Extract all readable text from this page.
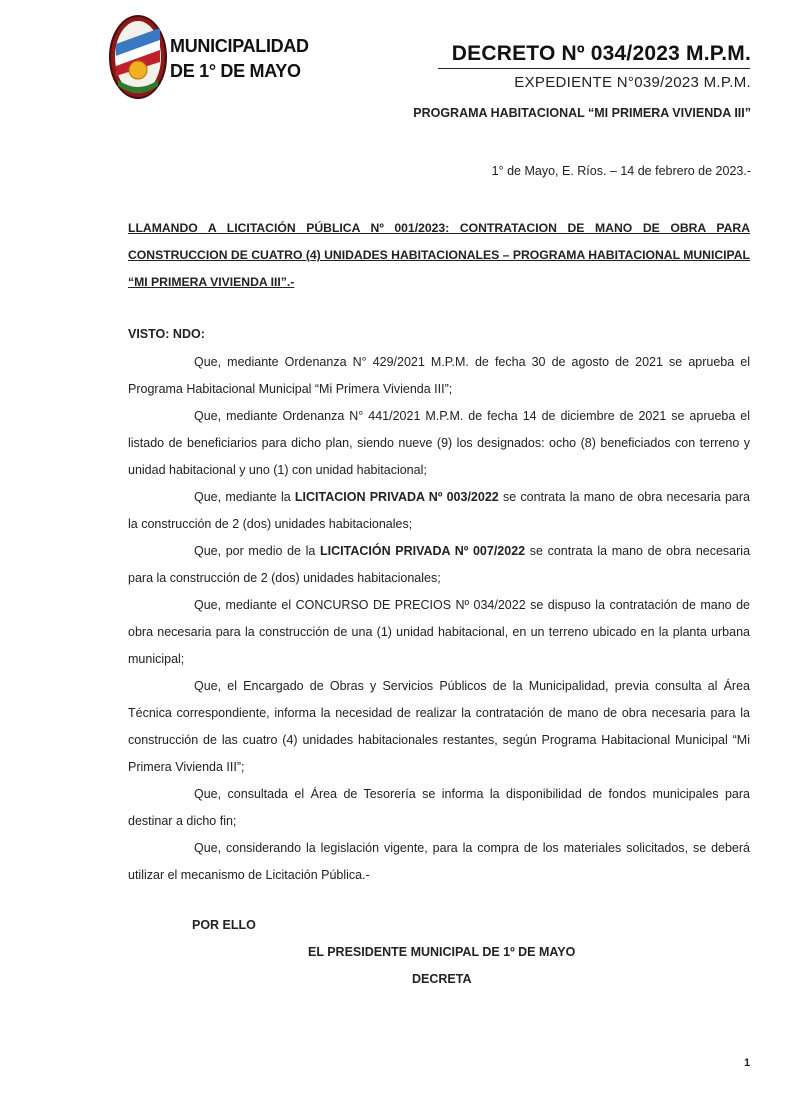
MUNICIPALIDAD
DE 1° DE MAYO
DECRETO Nº 034/2023 M.P.M.
EXPEDIENTE N°039/2023 M.P.M.
PROGRAMA HABITACIONAL “MI PRIMERA VIVIENDA III”
1° de Mayo, E. Ríos. – 14 de febrero de 2023.-
LLAMANDO A LICITACIÓN PÚBLICA Nº 001/2023: CONTRATACION DE MANO DE OBRA PARA CONSTRUCCION DE CUATRO (4) UNIDADES HABITACIONALES – PROGRAMA HABITACIONAL MUNICIPAL “MI PRIMERA VIVIENDA III”.-
VISTO: NDO:

Que, mediante Ordenanza N° 429/2021 M.P.M. de fecha 30 de agosto de 2021 se aprueba el Programa Habitacional Municipal “Mi Primera Vivienda III”;

Que, mediante Ordenanza N° 441/2021 M.P.M. de fecha 14 de diciembre de 2021 se aprueba el listado de beneficiarios para dicho plan, siendo nueve (9) los designados: ocho (8) beneficiados con terreno y unidad habitacional y uno (1) con unidad habitacional;

Que, mediante la LICITACION PRIVADA Nº 003/2022 se contrata la mano de obra necesaria para la construcción de 2 (dos) unidades habitacionales;

Que, por medio de la LICITACIÓN PRIVADA Nº 007/2022 se contrata la mano de obra necesaria para la construcción de 2 (dos) unidades habitacionales;

Que, mediante el CONCURSO DE PRECIOS Nº 034/2022 se dispuso la contratación de mano de obra necesaria para la construcción de una (1) unidad habitacional, en un terreno ubicado en la planta urbana municipal;

Que, el Encargado de Obras y Servicios Públicos de la Municipalidad, previa consulta al Área Técnica correspondiente, informa la necesidad de realizar la contratación de mano de obra necesaria para la construcción de las cuatro (4) unidades habitacionales restantes, según Programa Habitacional Municipal “Mi Primera Vivienda III”;

Que, consultada el Área de Tesorería se informa la disponibilidad de fondos municipales para destinar a dicho fin;

Que, considerando la legislación vigente, para la compra de los materiales solicitados, se deberá utilizar el mecanismo de Licitación Pública.-

POR ELLO
EL PRESIDENTE MUNICIPAL DE 1º DE MAYO
DECRETA
1
